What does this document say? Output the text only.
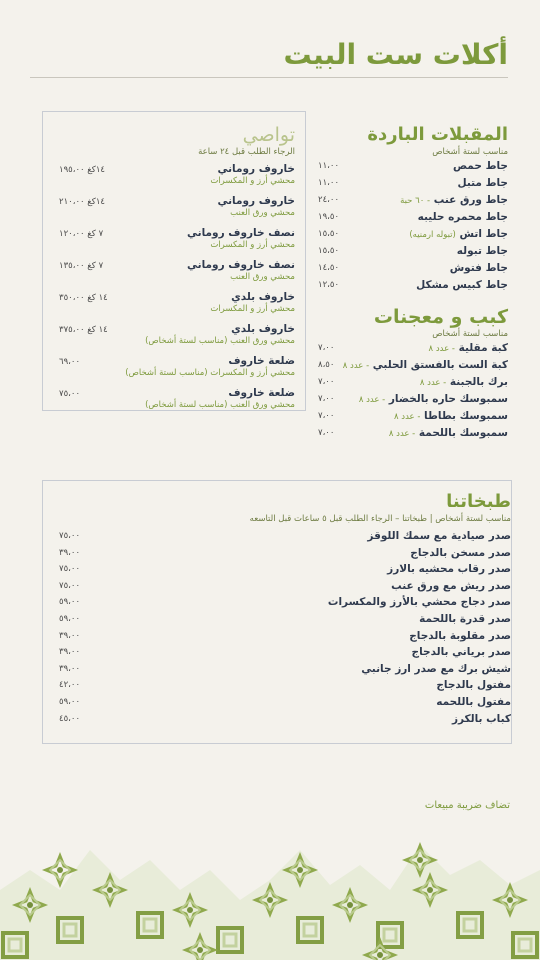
أكلات ست البيت
المقبلات الباردة
مناسب لستة أشخاص
جاط حمص
١١،٠٠
جاط متبل
١١،٠٠
جاط ورق عنب - ٦٠ حبة
٢٤،٠٠
جاط محمره حليبه
١٩،٥٠
جاط اتش (تبوله ارمنيه)
١٥،٥٠
جاط تبوله
١٥،٥٠
جاط فتوش
١٤،٥٠
جاط كبيس مشكل
١٢،٥٠
كبب و معجنات
مناسب لستة أشخاص
كبة مقلية - عدد ٨
٧،٠٠
كبة الست بالفستق الحلبي - عدد ٨
٨،٥٠
برك بالجبنة - عدد ٨
٧،٠٠
سمبوسك حاره بالخضار - عدد ٨
٧،٠٠
سمبوسك بطاطا - عدد ٨
٧،٠٠
سمبوسك باللحمة - عدد ٨
٧،٠٠
تواصي
الرجاء الطلب قبل ٢٤ ساعة
خاروف روماني
محشي أرز و المكسرات
١٤كغ ١٩٥،٠٠
خاروف روماني
محشي ورق العنب
١٤كغ ٢١٠،٠٠
نصف خاروف روماني
محشي أرز و المكسرات
٧ كغ ١٢٠،٠٠
نصف خاروف روماني
محشي ورق العنب
٧ كغ ١٣٥،٠٠
خاروف بلدي
محشي أرز و المكسرات
١٤ كغ ٣٥٠،٠٠
خاروف بلدي
محشي ورق العنب (مناسب لستة أشخاص)
١٤ كغ ٣٧٥،٠٠
ضلعة خاروف
محشي أرز و المكسرات (مناسب لستة أشخاص)
٦٩،٠٠
ضلعة خاروف
محشي ورق العنب (مناسب لستة أشخاص)
٧٥،٠٠
طبخاتنا
مناسب لستة أشخاص | طبخاتنا – الرجاء الطلب قبل ٥ ساعات قبل التاسعه
صدر صيادية مع سمك اللوقز
٧٥،٠٠
صدر مسخن بالدجاج
٣٩،٠٠
صدر رقاب محشيه بالارز
٧٥،٠٠
صدر ريش مع ورق عنب
٧٥،٠٠
صدر دجاج محشي بالأرز والمكسرات
٥٩،٠٠
صدر قدرة باللحمة
٥٩،٠٠
صدر مقلوبة بالدجاج
٣٩،٠٠
صدر برياني بالدجاج
٣٩،٠٠
شيش برك مع صدر ارز جانبي
٣٩،٠٠
مفتول بالدجاج
٤٢،٠٠
مفتول باللحمه
٥٩،٠٠
كباب بالكرز
٤٥،٠٠
تضاف ضريبة مبيعات
